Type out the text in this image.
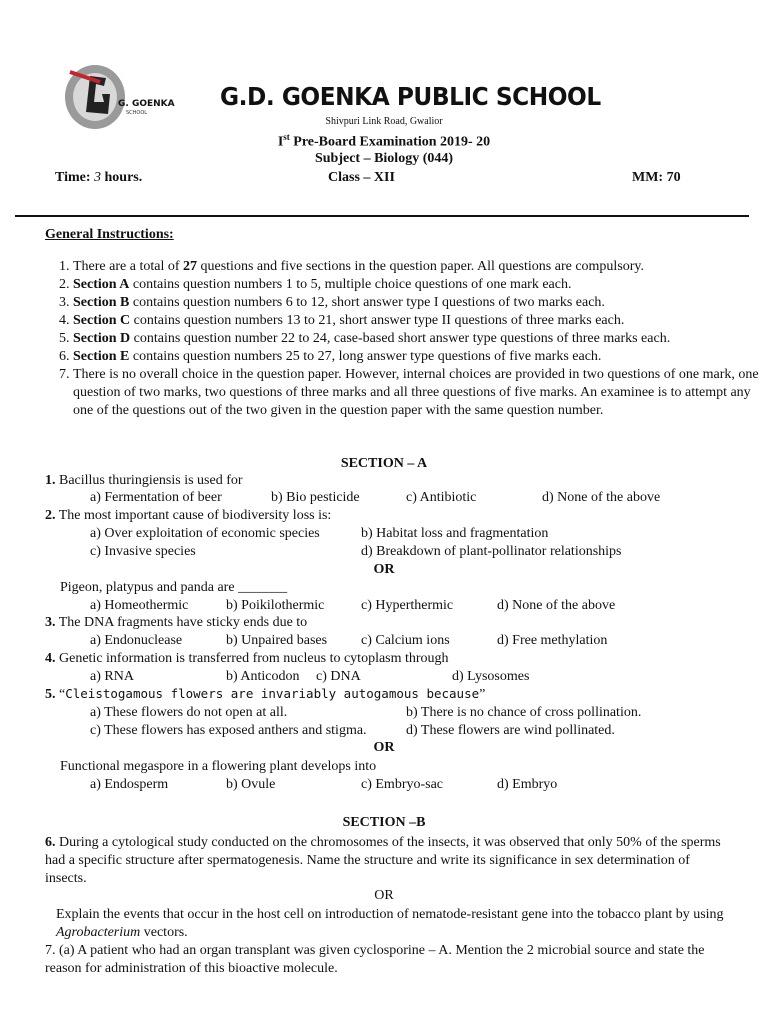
G. GOENKA
SCHOOL
G.D. GOENKA PUBLIC SCHOOL
Shivpuri Link Road, Gwalior
Ist Pre-Board Examination 2019- 20
Subject – Biology (044)
Time: 3 hours.	Class – XII	MM: 70
General Instructions:
1. There are a total of 27 questions and five sections in the question paper. All questions are compulsory.
2. Section A contains question numbers 1 to 5, multiple choice questions of one mark each.
3. Section B contains question numbers 6 to 12, short answer type I questions of two marks each.
4. Section C contains question numbers 13 to 21, short answer type II questions of three marks each.
5. Section D contains question number 22 to 24, case-based short answer type questions of three marks each.
6. Section E contains question numbers 25 to 27, long answer type questions of five marks each.
7. There is no overall choice in the question paper. However, internal choices are provided in two questions of one mark, one question of two marks, two questions of three marks and all three questions of five marks. An examinee is to attempt any one of the questions out of the two given in the question paper with the same question number.
SECTION – A
1. Bacillus thuringiensis is used for
a) Fermentation of beer	b) Bio pesticide	c) Antibiotic	d) None of the above
2. The most important cause of biodiversity loss is:
a) Over exploitation of economic species	b) Habitat loss and fragmentation
c) Invasive species	d) Breakdown of plant-pollinator relationships
OR
Pigeon, platypus and panda are _______
a) Homeothermic	b) Poikilothermic	c) Hyperthermic	d) None of the above
3. The DNA fragments have sticky ends due to
a) Endonuclease	b) Unpaired bases c) Calcium ions	d) Free methylation
4. Genetic information is transferred from nucleus to cytoplasm through
a) RNA	b) Anticodon c) DNA	d) Lysosomes
5. “Cleistogamous flowers are invariably autogamous because”
a) These flowers do not open at all.	b) There is no chance of cross pollination.
c) These flowers has exposed anthers and stigma.	d) These flowers are wind pollinated.
OR
Functional megaspore in a flowering plant develops into
a) Endosperm	b) Ovule	c) Embryo-sac	d) Embryo
SECTION –B
6. During a cytological study conducted on the chromosomes of the insects, it was observed that only 50% of the sperms had a specific structure after spermatogenesis. Name the structure and write its significance in sex determination of insects.
OR
Explain the events that occur in the host cell on introduction of nematode-resistant gene into the tobacco plant by using Agrobacterium vectors.
7. (a) A patient who had an organ transplant was given cyclosporine – A. Mention the 2 microbial source and state the reason for administration of this bioactive molecule.
